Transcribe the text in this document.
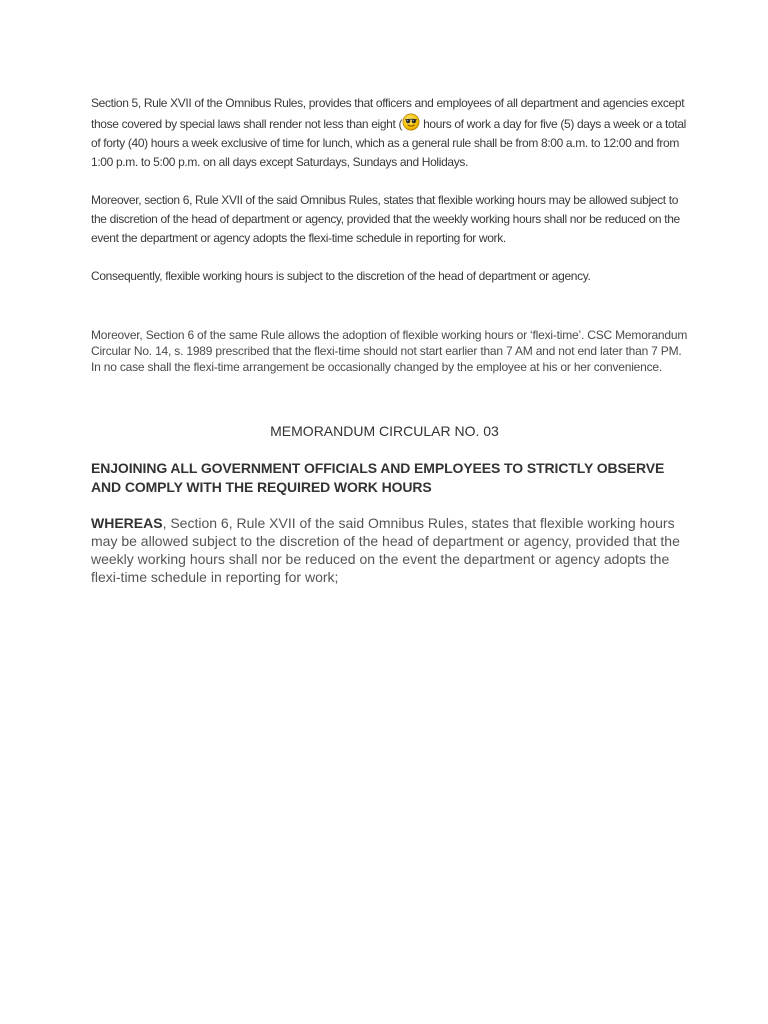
Section 5, Rule XVII of the Omnibus Rules, provides that officers and employees of all department and agencies except those covered by special laws shall render not less than eight ( hours of work a day for five (5) days a week or a total of forty (40) hours a week exclusive of time for lunch, which as a general rule shall be from 8:00 a.m. to 12:00 and from 1:00 p.m. to 5:00 p.m. on all days except Saturdays, Sundays and Holidays.
Moreover, section 6, Rule XVII of the said Omnibus Rules, states that flexible working hours may be allowed subject to the discretion of the head of department or agency, provided that the weekly working hours shall nor be reduced on the event the department or agency adopts the flexi-time schedule in reporting for work.
Consequently, flexible working hours is subject to the discretion of the head of department or agency.

Moreover, Section 6 of the same Rule allows the adoption of flexible working hours or ‘flexi-time’. CSC Memorandum Circular No. 14, s. 1989 prescribed that the flexi-time should not start earlier than 7 AM and not end later than 7 PM. In no case shall the flexi-time arrangement be occasionally changed by the employee at his or her convenience.

MEMORANDUM CIRCULAR NO. 03
ENJOINING ALL GOVERNMENT OFFICIALS AND EMPLOYEES TO STRICTLY OBSERVE AND COMPLY WITH THE REQUIRED WORK HOURS

WHEREAS, Section 6, Rule XVII of the said Omnibus Rules, states that flexible working hours may be allowed subject to the discretion of the head of department or agency, provided that the weekly working hours shall nor be reduced on the event the department or agency adopts the flexi-time schedule in reporting for work;
